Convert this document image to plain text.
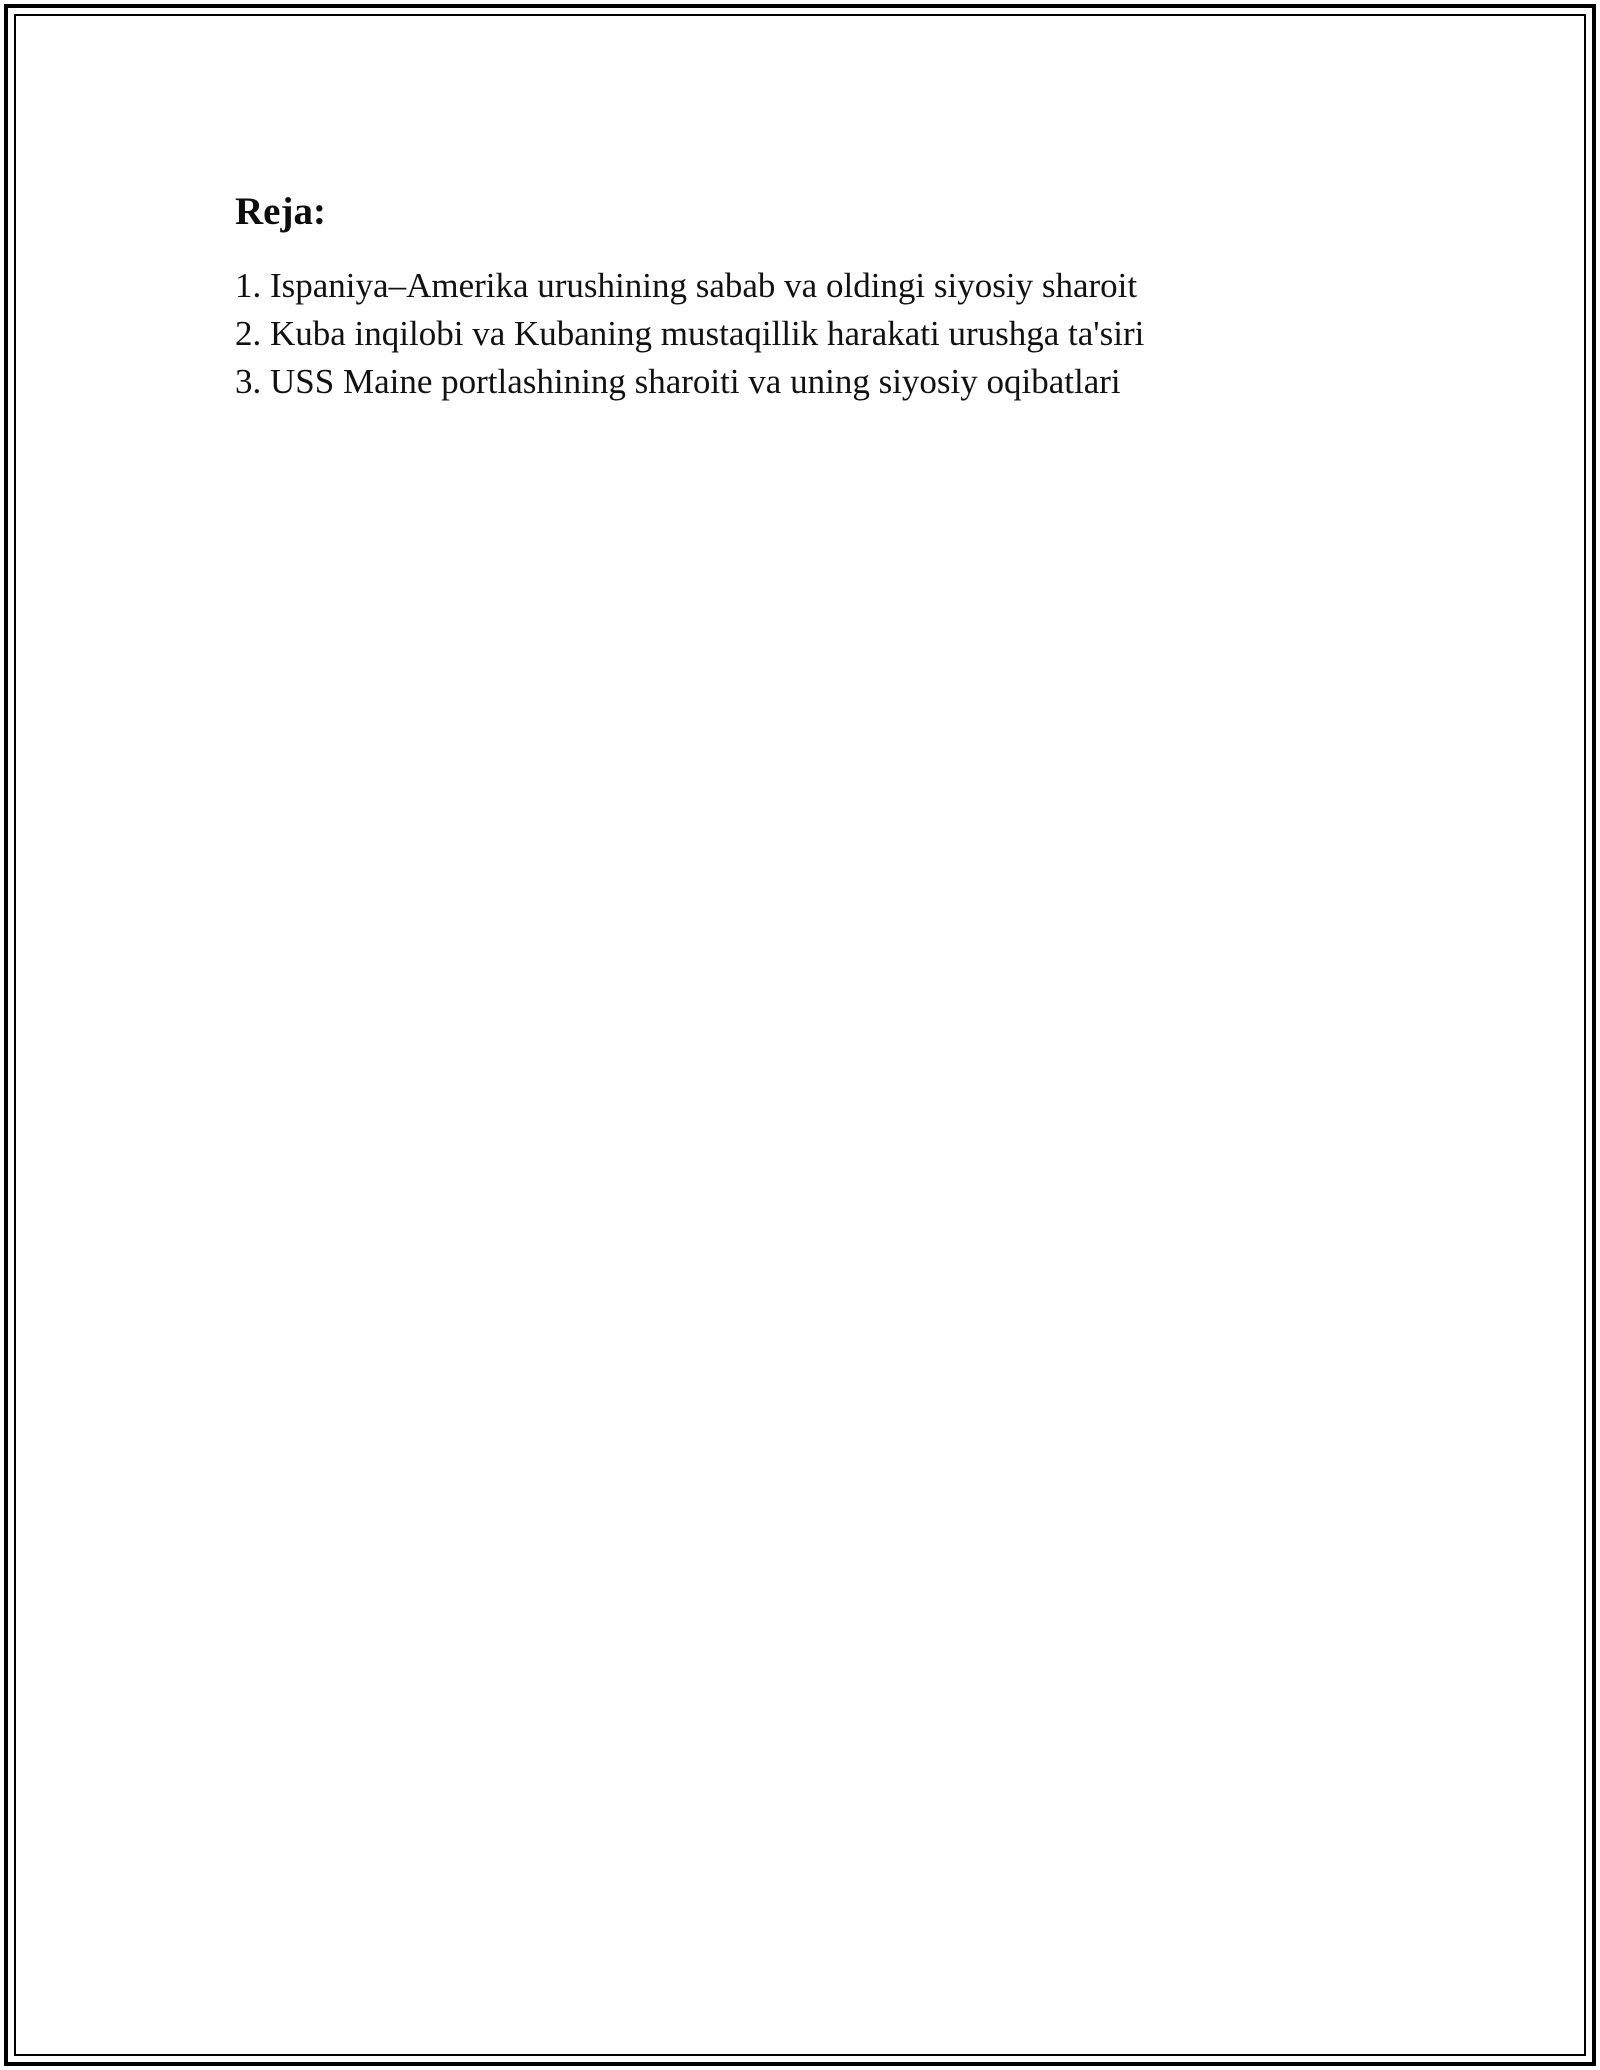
Reja:
1. Ispaniya–Amerika urushining sabab va oldingi siyosiy sharoit
2. Kuba inqilobi va Kubaning mustaqillik harakati urushga ta'siri
3. USS Maine portlashining sharoiti va uning siyosiy oqibatlari
